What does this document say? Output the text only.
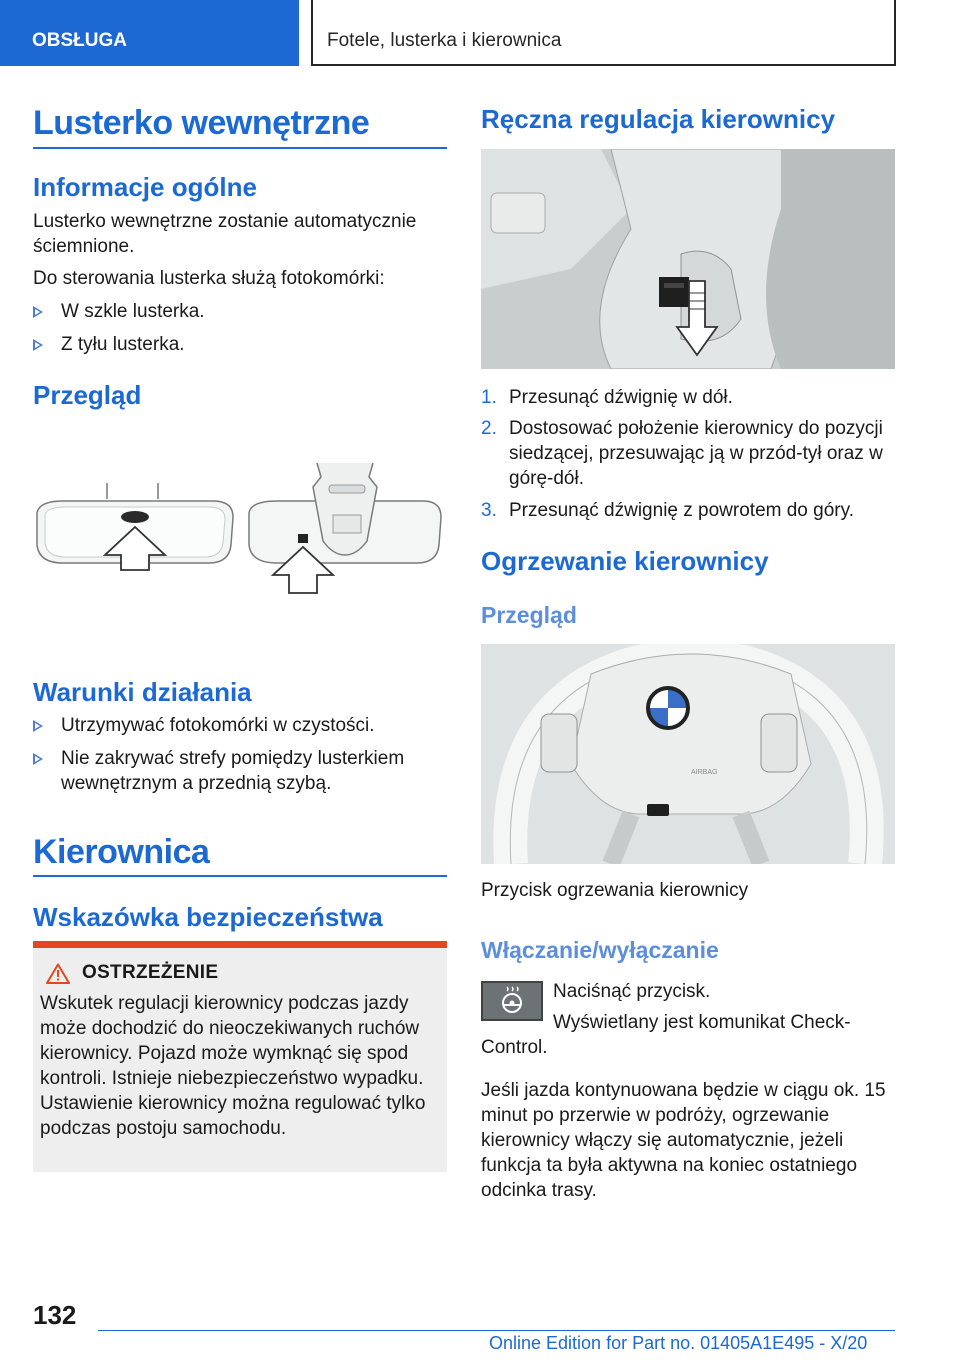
OBSŁUGA	Fotele, lusterka i kierownica
Lusterko wewnętrzne
Informacje ogólne
Lusterko wewnętrzne zostanie automatycznie ściemnione.
Do sterowania lusterka służą fotokomórki:
W szkle lusterka.
Z tyłu lusterka.
Przegląd
Warunki działania
Utrzymywać fotokomórki w czystości.
Nie zakrywać strefy pomiędzy lusterkiem wewnętrznym a przednią szybą.
Kierownica
Wskazówka bezpieczeństwa
OSTRZEŻENIE
Wskutek regulacji kierownicy podczas jazdy może dochodzić do nieoczekiwanych ruchów kierownicy. Pojazd może wymknąć się spod kontroli. Istnieje niebezpieczeństwo wypadku. Ustawienie kierownicy można regulować tylko podczas postoju samochodu.
Ręczna regulacja kierownicy
1. Przesunąć dźwignię w dół.
2. Dostosować położenie kierownicy do pozycji siedzącej, przesuwając ją w przód-tył oraz w górę-dół.
3. Przesunąć dźwignię z powrotem do góry.
Ogrzewanie kierownicy
Przegląd
AIRBAG
Przycisk ogrzewania kierownicy
Włączanie/wyłączanie
Naciśnąć przycisk.
Wyświetlany jest komunikat Check-Control.
Jeśli jazda kontynuowana będzie w ciągu ok. 15 minut po przerwie w podróży, ogrzewanie kierownicy włączy się automatycznie, jeżeli funkcja ta była aktywna na koniec ostatniego odcinka trasy.
132
Online Edition for Part no. 01405A1E495 - X/20
